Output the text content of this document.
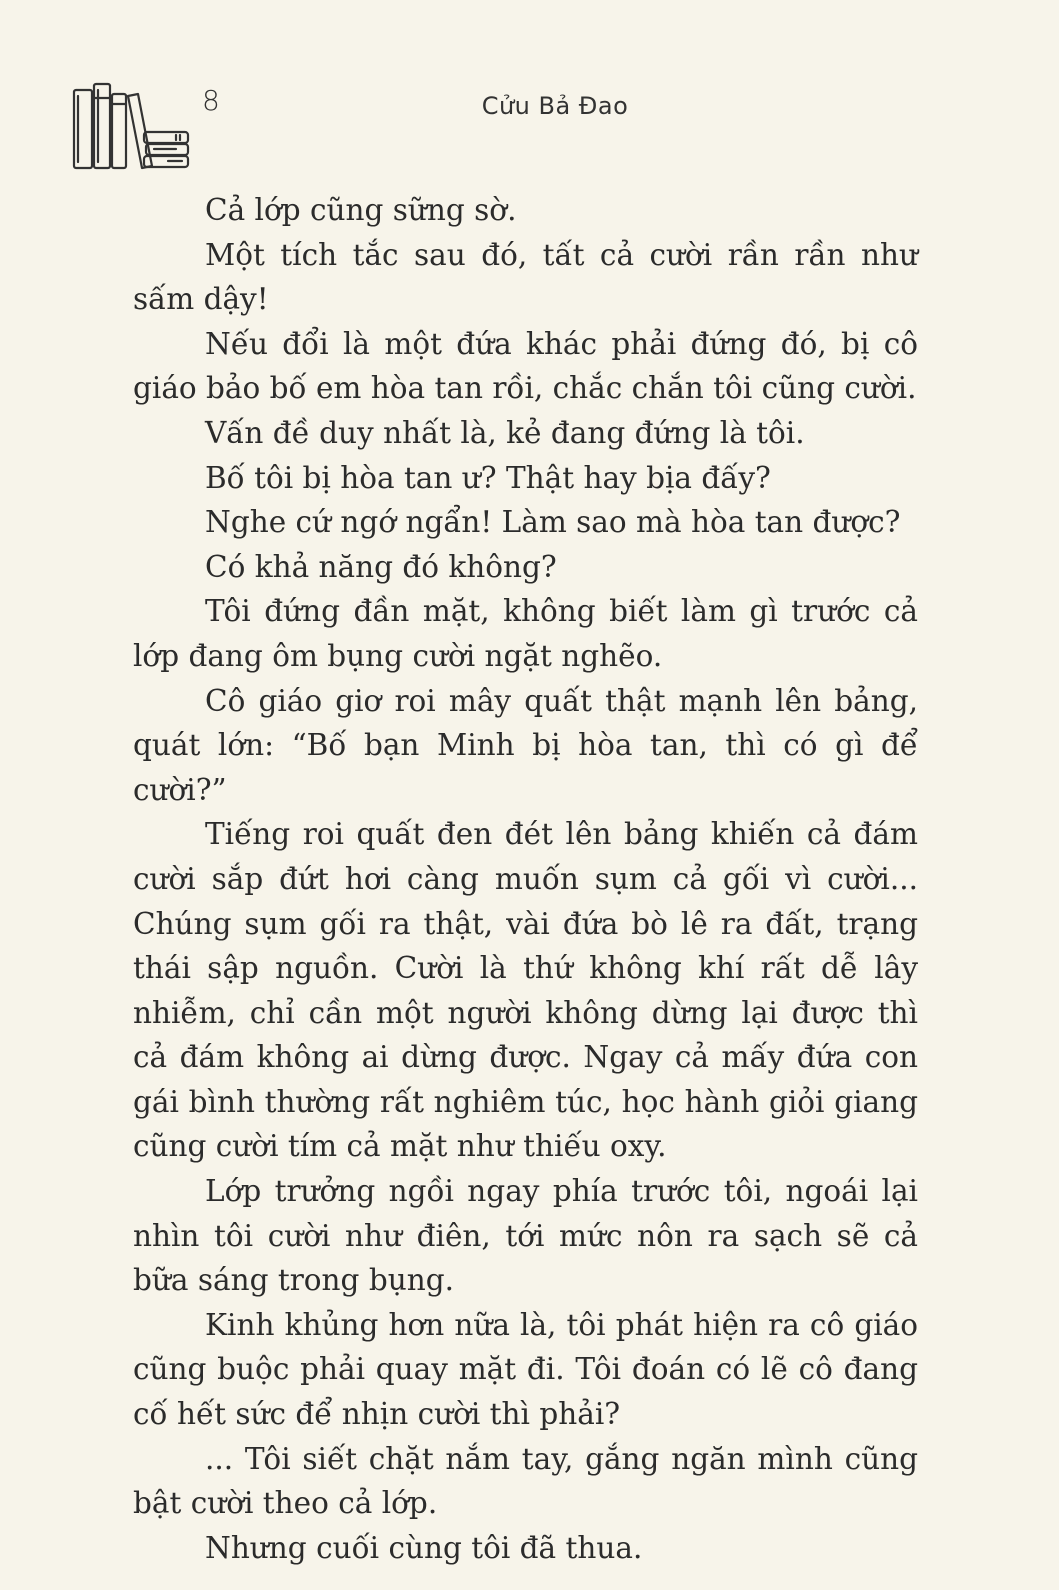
8	Cửu Bả Đao

Cả lớp cũng sững sờ.

Một tích tắc sau đó, tất cả cười rần rần như sấm dậy!

Nếu đổi là một đứa khác phải đứng đó, bị cô giáo bảo bố em hòa tan rồi, chắc chắn tôi cũng cười.

Vấn đề duy nhất là, kẻ đang đứng là tôi.

Bố tôi bị hòa tan ư? Thật hay bịa đấy?

Nghe cứ ngớ ngẩn! Làm sao mà hòa tan được?

Có khả năng đó không?

Tôi đứng đần mặt, không biết làm gì trước cả lớp đang ôm bụng cười ngặt nghẽo.

Cô giáo giơ roi mây quất thật mạnh lên bảng, quát lớn: “Bố bạn Minh bị hòa tan, thì có gì để cười?”

Tiếng roi quất đen đét lên bảng khiến cả đám cười sắp đứt hơi càng muốn sụm cả gối vì cười... Chúng sụm gối ra thật, vài đứa bò lê ra đất, trạng thái sập nguồn. Cười là thứ không khí rất dễ lây nhiễm, chỉ cần một người không dừng lại được thì cả đám không ai dừng được. Ngay cả mấy đứa con gái bình thường rất nghiêm túc, học hành giỏi giang cũng cười tím cả mặt như thiếu oxy.

Lớp trưởng ngồi ngay phía trước tôi, ngoái lại nhìn tôi cười như điên, tới mức nôn ra sạch sẽ cả bữa sáng trong bụng.

Kinh khủng hơn nữa là, tôi phát hiện ra cô giáo cũng buộc phải quay mặt đi. Tôi đoán có lẽ cô đang cố hết sức để nhịn cười thì phải?

... Tôi siết chặt nắm tay, gắng ngăn mình cũng bật cười theo cả lớp.

Nhưng cuối cùng tôi đã thua.
